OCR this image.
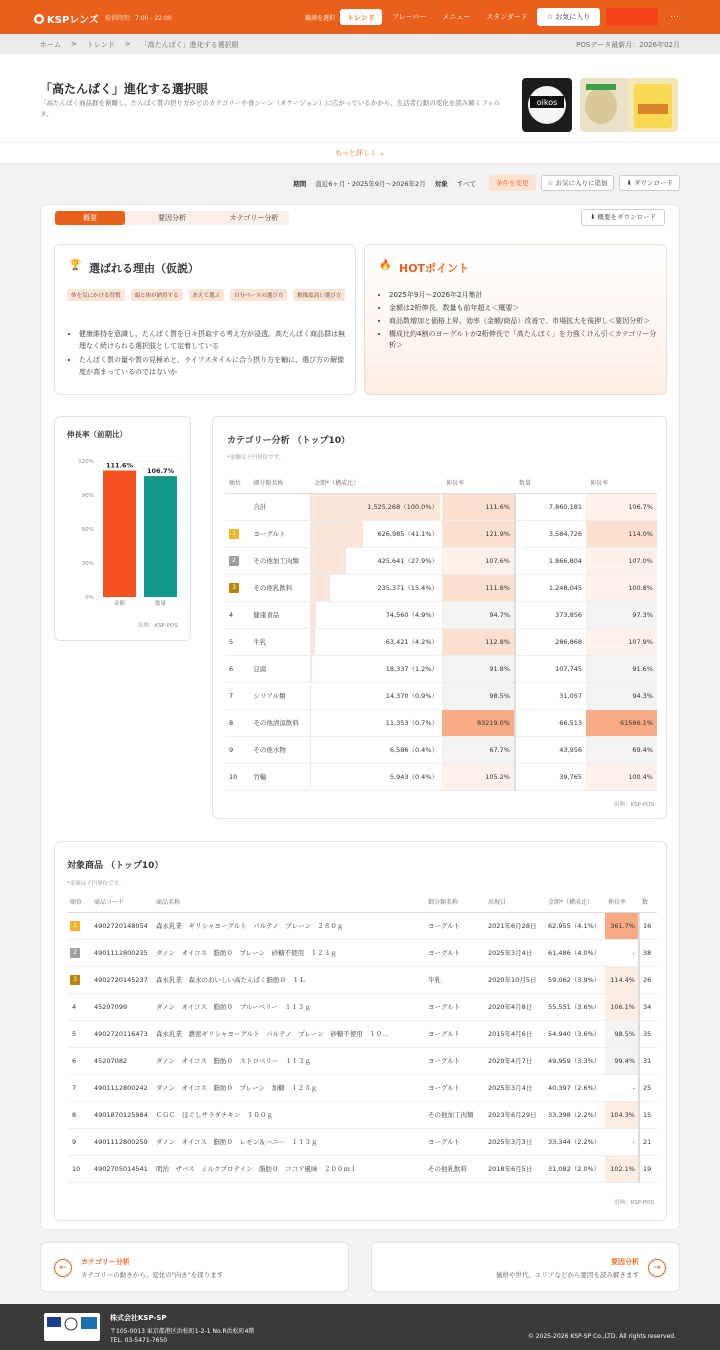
● KSPレンズ 提供時間：7:00 - 22:00	観測を選択	トレンド	フレーバー	メニュー	スタンダード	☆ お気に入り	…
ホーム > トレンド > 「高たんぱく」進化する選択眼	POSデータ最新月：2026年02月
「高たんぱく」進化する選択眼

「高たんぱく商品群を俯瞰し、たんぱく質の摂り方がどのカテゴリーや食シーン（オケージョン）に広がっているかから、生活者行動の変化を読み解くフィルタ。

oikos
もっと詳しく ⌄
期間	直近6ヶ月・2025年9月〜2026年2月	対象	すべて	条件を変更	☆ お気に入りに追加	⬇ ダウンロード
概要	要因分析	カテゴリー分析	⬇ 概要をダウンロード
🏆 選ばれる理由（仮説）
体を気にかける習慣	頭と体が納得する	あえて選ぶ	自分ペースの選び方	解像度高い選び方
• 健康維持を意識し、たんぱく質を日々摂取する考え方が浸透。高たんぱく商品群は無理なく続けられる選択肢として定着している
• たんぱく質の量や質の見極めと、ライフスタイルに合う摂り方を軸に、選び方の解像度が高まっているのではないか
🔥 HOTポイント
• 2025年9月〜2026年2月集計
• 金額は2桁伸長、数量も前年超え＜概要＞
• 商品数増加と価格上昇、効率（金額/商品）改善で、市場拡大を後押し＜要因分析＞
• 構成比約4割のヨーグルトが2桁伸長で「高たんぱく」を力強くけん引＜カテゴリー分析＞
伸長率（前期比）
0%
30%
60%
90%
120% 111.6%
金額
106.7%
数量
出典：KSP-POS
カテゴリー分析 （トップ10）
*金額は千円単位です。
順位	細分類名称	金額*（構成比）	伸長率	数量	伸長率
	合計	1,525,268（100.0%）	111.6%	7,860,181	106.7%
1	ヨーグルト	626,985（41.1%）	121.9%	3,584,726	114.0%
2	その他加工肉類	425,641（27.9%）	107.6%	1,866,804	107.0%
3	その他乳飲料	235,371（15.4%）	111.8%	1,248,045	100.8%
4	健康食品	74,560（4.9%）	94.7%	373,856	97.3%
5	牛乳	63,421（4.2%）	112.8%	286,868	107.9%
6	豆腐	18,337（1.2%）	91.8%	107,745	91.6%
7	シリアル類	14,370（0.9%）	98.5%	31,057	94.3%
8	その他清涼飲料	11,353（0.7%）	83219.0%	66,513	61586.1%
9	その他水物	6,586（0.4%）	67.7%	43,956	69.4%
10	竹輪	5,943（0.4%）	105.2%	39,765	100.4%
出典：KSP-POS
対象商品 （トップ10）
*金額は千円単位です。
順位	商品コード	商品名称	細分類名称	出現日	金額*（構成比）	伸長率	数
1	4902720148054	森永乳業　ギリシャヨーグルト　パルテノ　プレーン　２８０ｇ	ヨーグルト	2021年6月28日	62,955（4.1%）	361.7%	16
2	4901112800235	ダノン　オイコス　脂肪０　プレーン　砂糖不使用　１２３ｇ	ヨーグルト	2025年3月4日	61,486（4.0%）	-	38
3	4902720145237	森永乳業　森永のおいしい高たんぱく脂肪０　１Ｌ	牛乳	2020年10月5日	59,062（3.9%）	114.4%	26
4	45207099	ダノン　オイコス　脂肪０　ブルーベリー　１１３ｇ	ヨーグルト	2020年4月8日	55,551（3.6%）	106.1%	34
5	4902720116473	森永乳業　濃密ギリシャヨーグルト　パルテノ　プレーン　砂糖不使用　１０…	ヨーグルト	2015年4月6日	54,940（3.6%）	98.5%	35
6	45207082	ダノン　オイコス　脂肪０　ストロベリー　１１３ｇ	ヨーグルト	2020年4月7日	49,959（3.3%）	99.4%	31
7	4901112800242	ダノン　オイコス　脂肪０　プレーン　加糖　１２３ｇ	ヨーグルト	2025年3月4日	40,397（2.6%）	-	25
8	4901870125984	ＣＧＣ　ほぐしサラダチキン　１００ｇ	その他加工肉類	2023年6月29日	33,398（2.2%）	104.3%	15
9	4901112800259	ダノン　オイコス　脂肪０　レモン＆ハニー　１１３ｇ	ヨーグルト	2025年3月3日	33,344（2.2%）	-	21
10	4902705014541	明治　ザバス　ミルクプロテイン　脂肪０　ココア風味　２００ｍｌ	その他乳飲料	2018年6月5日	31,082（2.0%）	102.1%	19
出典：KSP-POS
←
カテゴリー分析
カテゴリーの動きから、変化の"向き"を探ります
要因分析
価格や世代、エリアなどから要因を読み解きます
→
株式会社KSP-SP
〒105-0013 東京都港区浜松町1-2-1 No.R浜松町4階
TEL. 03-5471-7650
© 2025-2026 KSP-SP Co.,LTD. All rights reserved.
